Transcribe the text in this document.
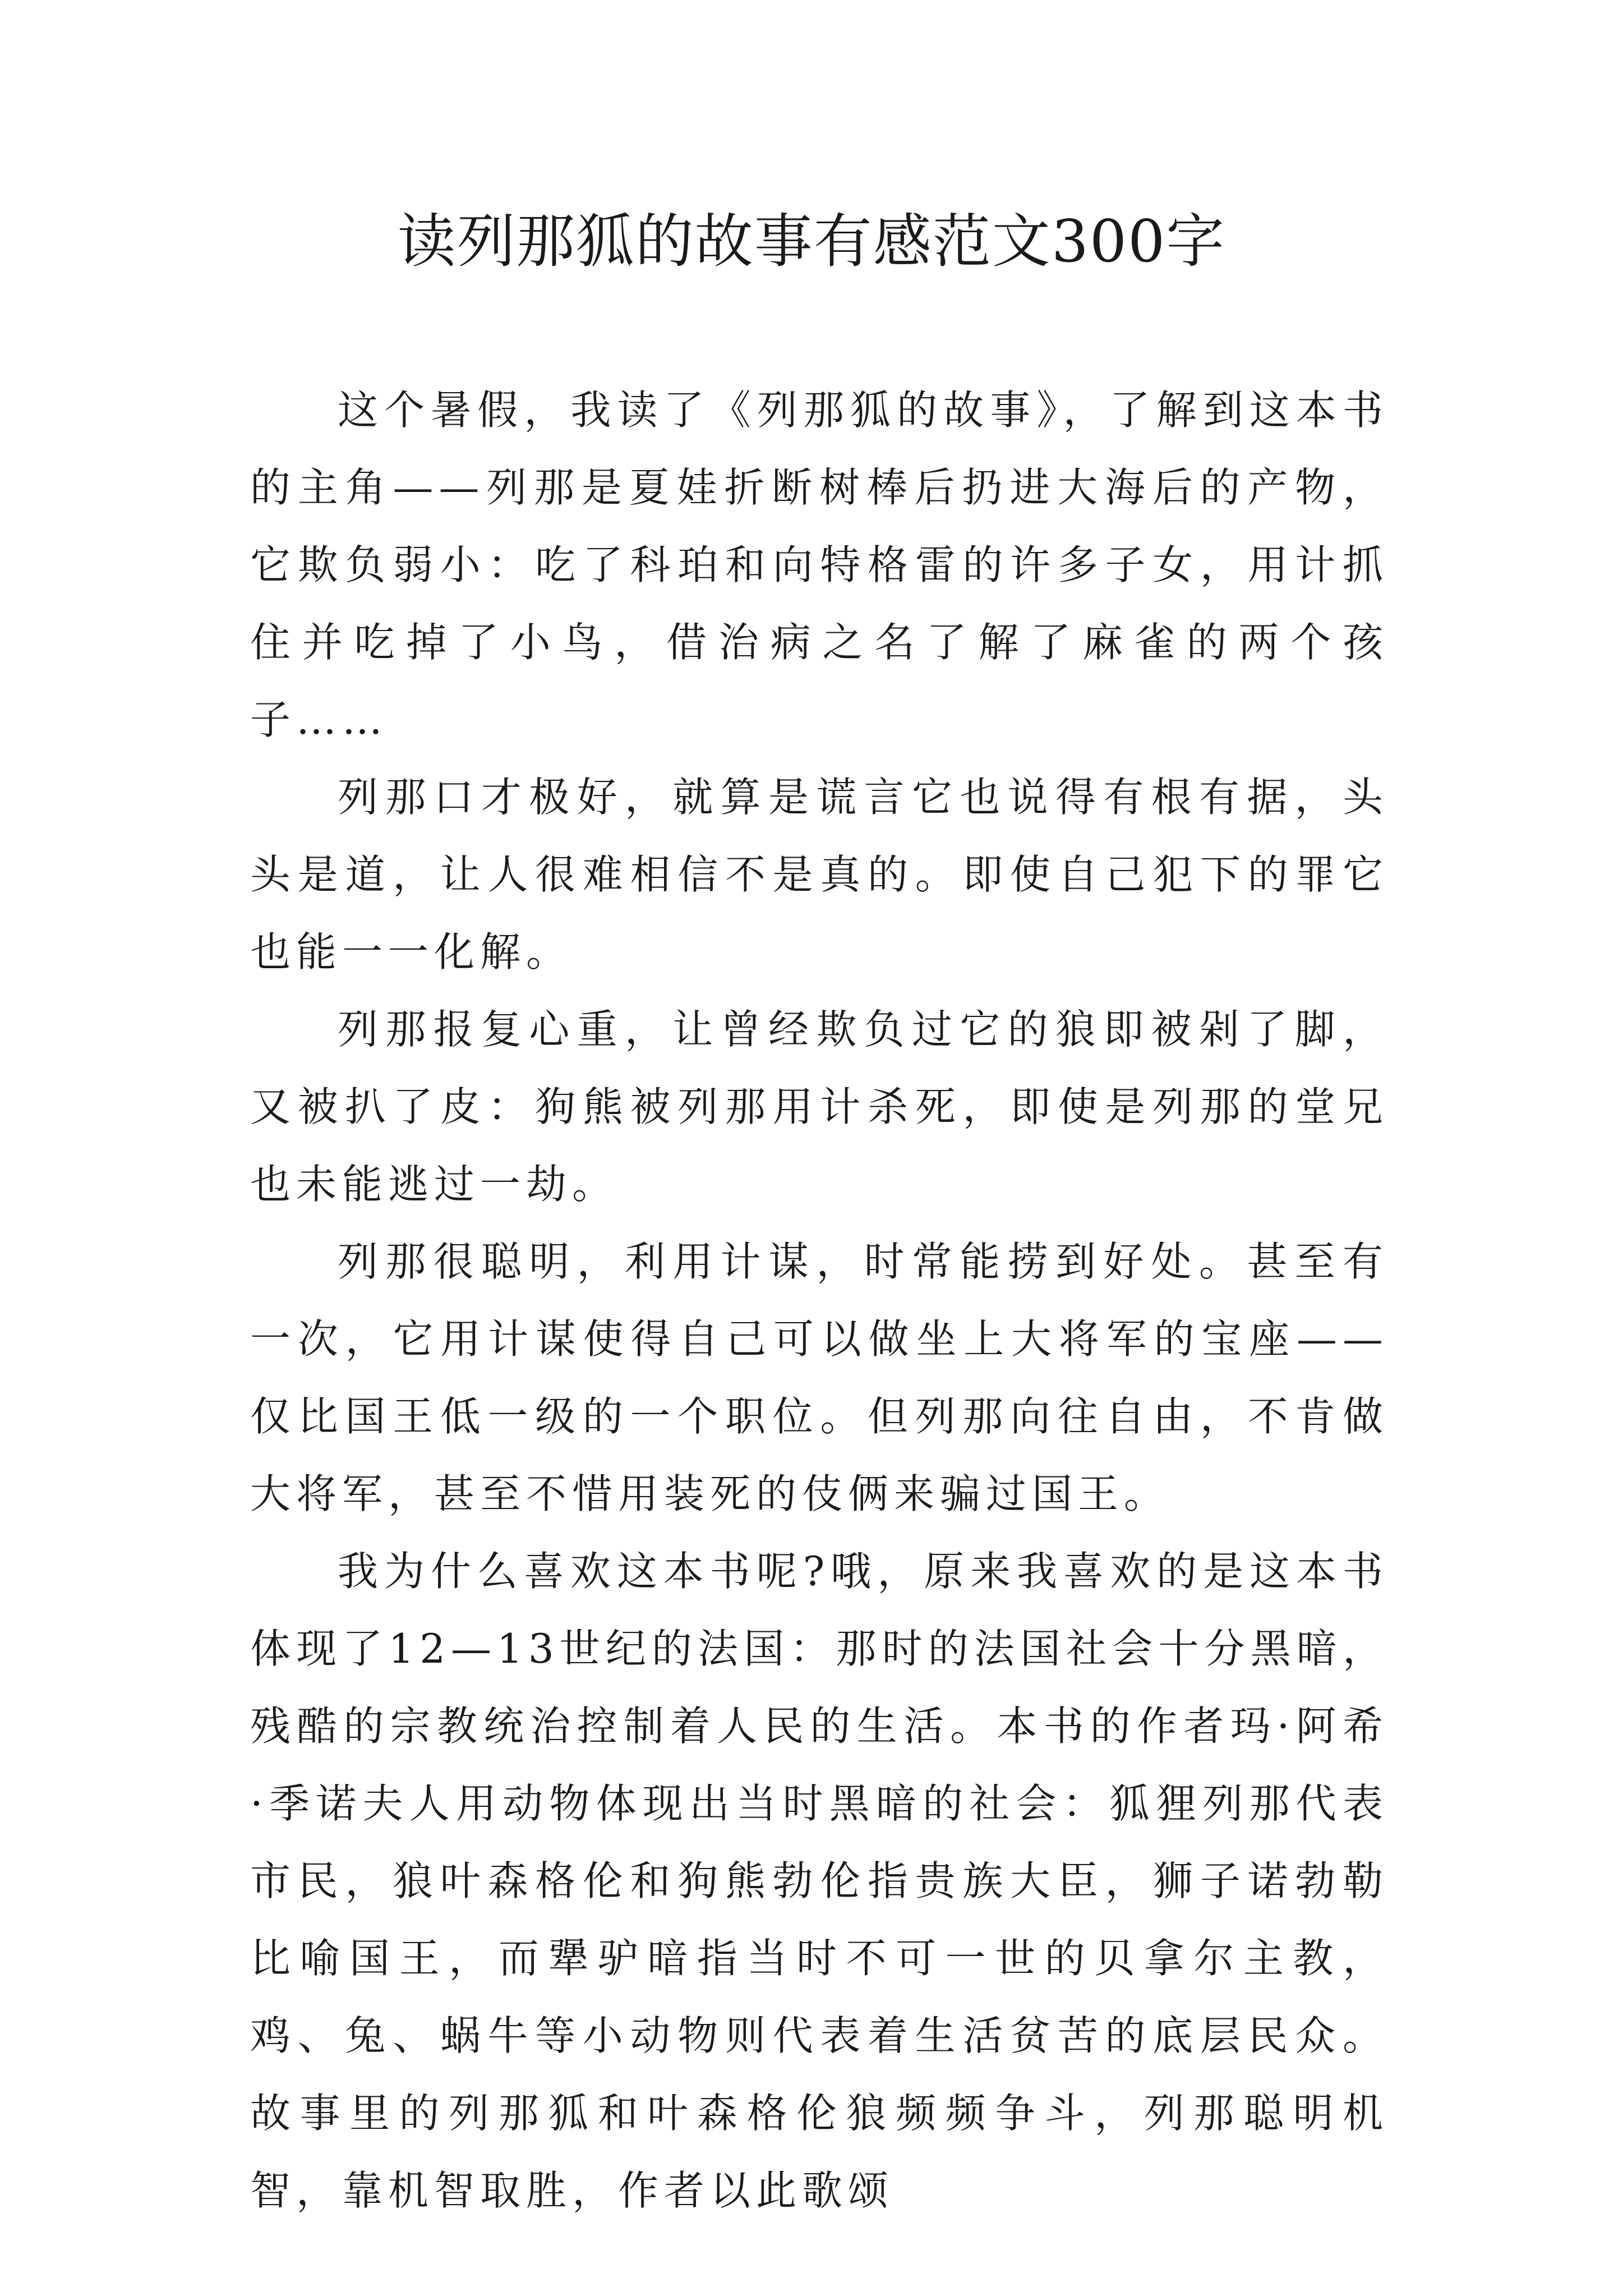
读列那狐的故事有感范文300字

这个暑假，我读了《列那狐的故事》，了解到这本书的主角——列那是夏娃折断树棒后扔进大海后的产物，它欺负弱小：吃了科珀和向特格雷的许多子女，用计抓住并吃掉了小鸟，借治病之名了解了麻雀的两个孩子……

列那口才极好，就算是谎言它也说得有根有据，头头是道，让人很难相信不是真的。即使自己犯下的罪它也能一一化解。

列那报复心重，让曾经欺负过它的狼即被剁了脚，又被扒了皮：狗熊被列那用计杀死，即使是列那的堂兄也未能逃过一劫。

列那很聪明，利用计谋，时常能捞到好处。甚至有一次，它用计谋使得自己可以做坐上大将军的宝座——仅比国王低一级的一个职位。但列那向往自由，不肯做大将军，甚至不惜用装死的伎俩来骗过国王。

我为什么喜欢这本书呢?哦，原来我喜欢的是这本书体现了12—13世纪的法国：那时的法国社会十分黑暗，残酷的宗教统治控制着人民的生活。本书的作者玛·阿希·季诺夫人用动物体现出当时黑暗的社会：狐狸列那代表市民，狼叶森格伦和狗熊勃伦指贵族大臣，狮子诺勃勒比喻国王，而犟驴暗指当时不可一世的贝拿尔主教，鸡、兔、蜗牛等小动物则代表着生活贫苦的底层民众。故事里的列那狐和叶森格伦狼频频争斗，列那聪明机智，靠机智取胜，作者以此歌颂
